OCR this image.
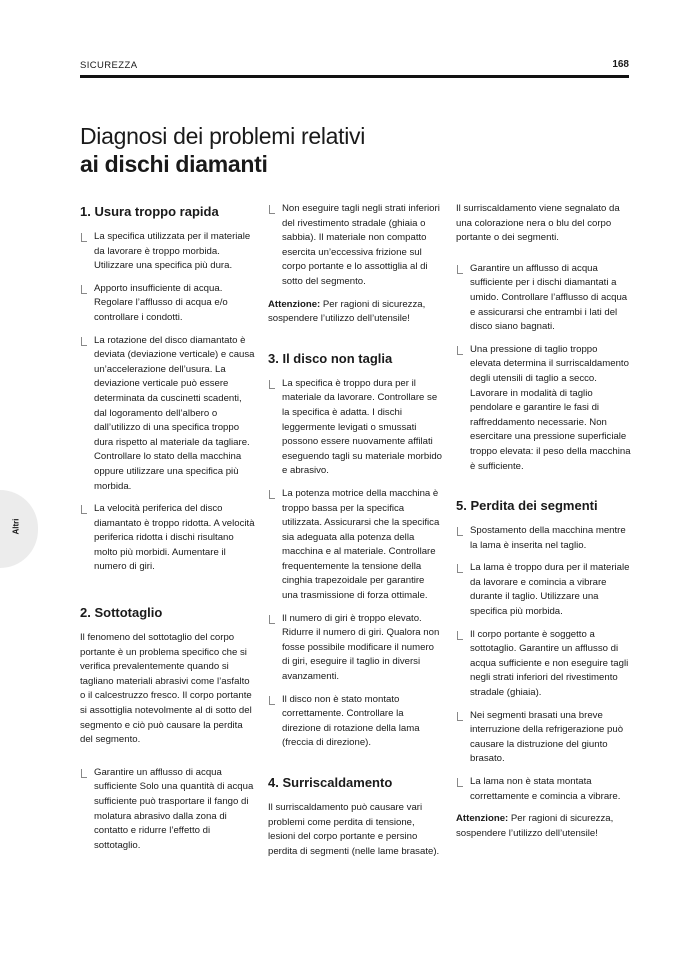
SICUREZZA	168
Diagnosi dei problemi relativi
ai dischi diamanti
Altri
1. Usura troppo rapida
La specifica utilizzata per il materiale da lavorare è troppo morbida. Utilizzare una specifica più dura.
Apporto insufficiente di acqua. Regolare l’afflusso di acqua e/o controllare i condotti.
La rotazione del disco diamantato è deviata (deviazione verticale) e causa un’accelerazione dell’usura. La deviazione verticale può essere determinata da cuscinetti scadenti, dal logoramento dell’albero o dall’utilizzo di una specifica troppo dura rispetto al materiale da tagliare. Controllare lo stato della macchina oppure utilizzare una specifica più morbida.
La velocità periferica del disco diamantato è troppo ridotta. A velocità periferica ridotta i dischi risultano molto più morbidi. Aumentare il numero di giri.
2. Sottotaglio

Il fenomeno del sottotaglio del corpo portante è un problema specifico che si verifica prevalentemente quando si tagliano materiali abrasivi come l’asfalto o il calcestruzzo fresco. Il corpo portante si assottiglia notevolmente al di sotto del segmento e ciò può causare la perdita del segmento.

Garantire un afflusso di acqua sufficiente Solo una quantità di acqua sufficiente può trasportare il fango di molatura abrasivo dalla zona di contatto e ridurre l’effetto di sottotaglio.
Non eseguire tagli negli strati inferiori del rivestimento stradale (ghiaia o sabbia). Il materiale non compatto esercita un’eccessiva frizione sul corpo portante e lo assottiglia al di sotto del segmento.

Attenzione: Per ragioni di sicurezza, sospendere l’utilizzo dell’utensile!

3. Il disco non taglia
La specifica è troppo dura per il materiale da lavorare. Controllare se la specifica è adatta. I dischi leggermente levigati o smussati possono essere nuovamente affilati eseguendo tagli su materiale morbido e abrasivo.
La potenza motrice della macchina è troppo bassa per la specifica utilizzata. Assicurarsi che la specifica sia adeguata alla potenza della macchina e al materiale. Controllare frequentemente la tensione della cinghia trapezoidale per garantire una trasmissione di forza ottimale.
Il numero di giri è troppo elevato. Ridurre il numero di giri. Qualora non fosse possibile modificare il numero di giri, eseguire il taglio in diversi avanzamenti.
Il disco non è stato montato correttamente. Controllare la direzione di rotazione della lama (freccia di direzione).
4. Surriscaldamento

Il surriscaldamento può causare vari problemi come perdita di tensione, lesioni del corpo portante e persino perdita di segmenti (nelle lame brasate).

Il surriscaldamento viene segnalato da una colorazione nera o blu del corpo portante o dei segmenti.

Garantire un afflusso di acqua sufficiente per i dischi diamantati a umido. Controllare l’afflusso di acqua e assicurarsi che entrambi i lati del disco siano bagnati.
Una pressione di taglio troppo elevata determina il surriscaldamento degli utensili di taglio a secco. Lavorare in modalità di taglio pendolare e garantire le fasi di raffreddamento necessarie. Non esercitare una pressione superficiale troppo elevata: il peso della macchina è sufficiente.
5. Perdita dei segmenti
Spostamento della macchina mentre la lama è inserita nel taglio.
La lama è troppo dura per il materiale da lavorare e comincia a vibrare durante il taglio. Utilizzare una specifica più morbida.
Il corpo portante è soggetto a sottotaglio. Garantire un afflusso di acqua sufficiente e non eseguire tagli negli strati inferiori del rivestimento stradale (ghiaia).
Nei segmenti brasati una breve interruzione della refrigerazione può causare la distruzione del giunto brasato.
La lama non è stata montata correttamente e comincia a vibrare.

Attenzione: Per ragioni di sicurezza, sospendere l’utilizzo dell’utensile!
